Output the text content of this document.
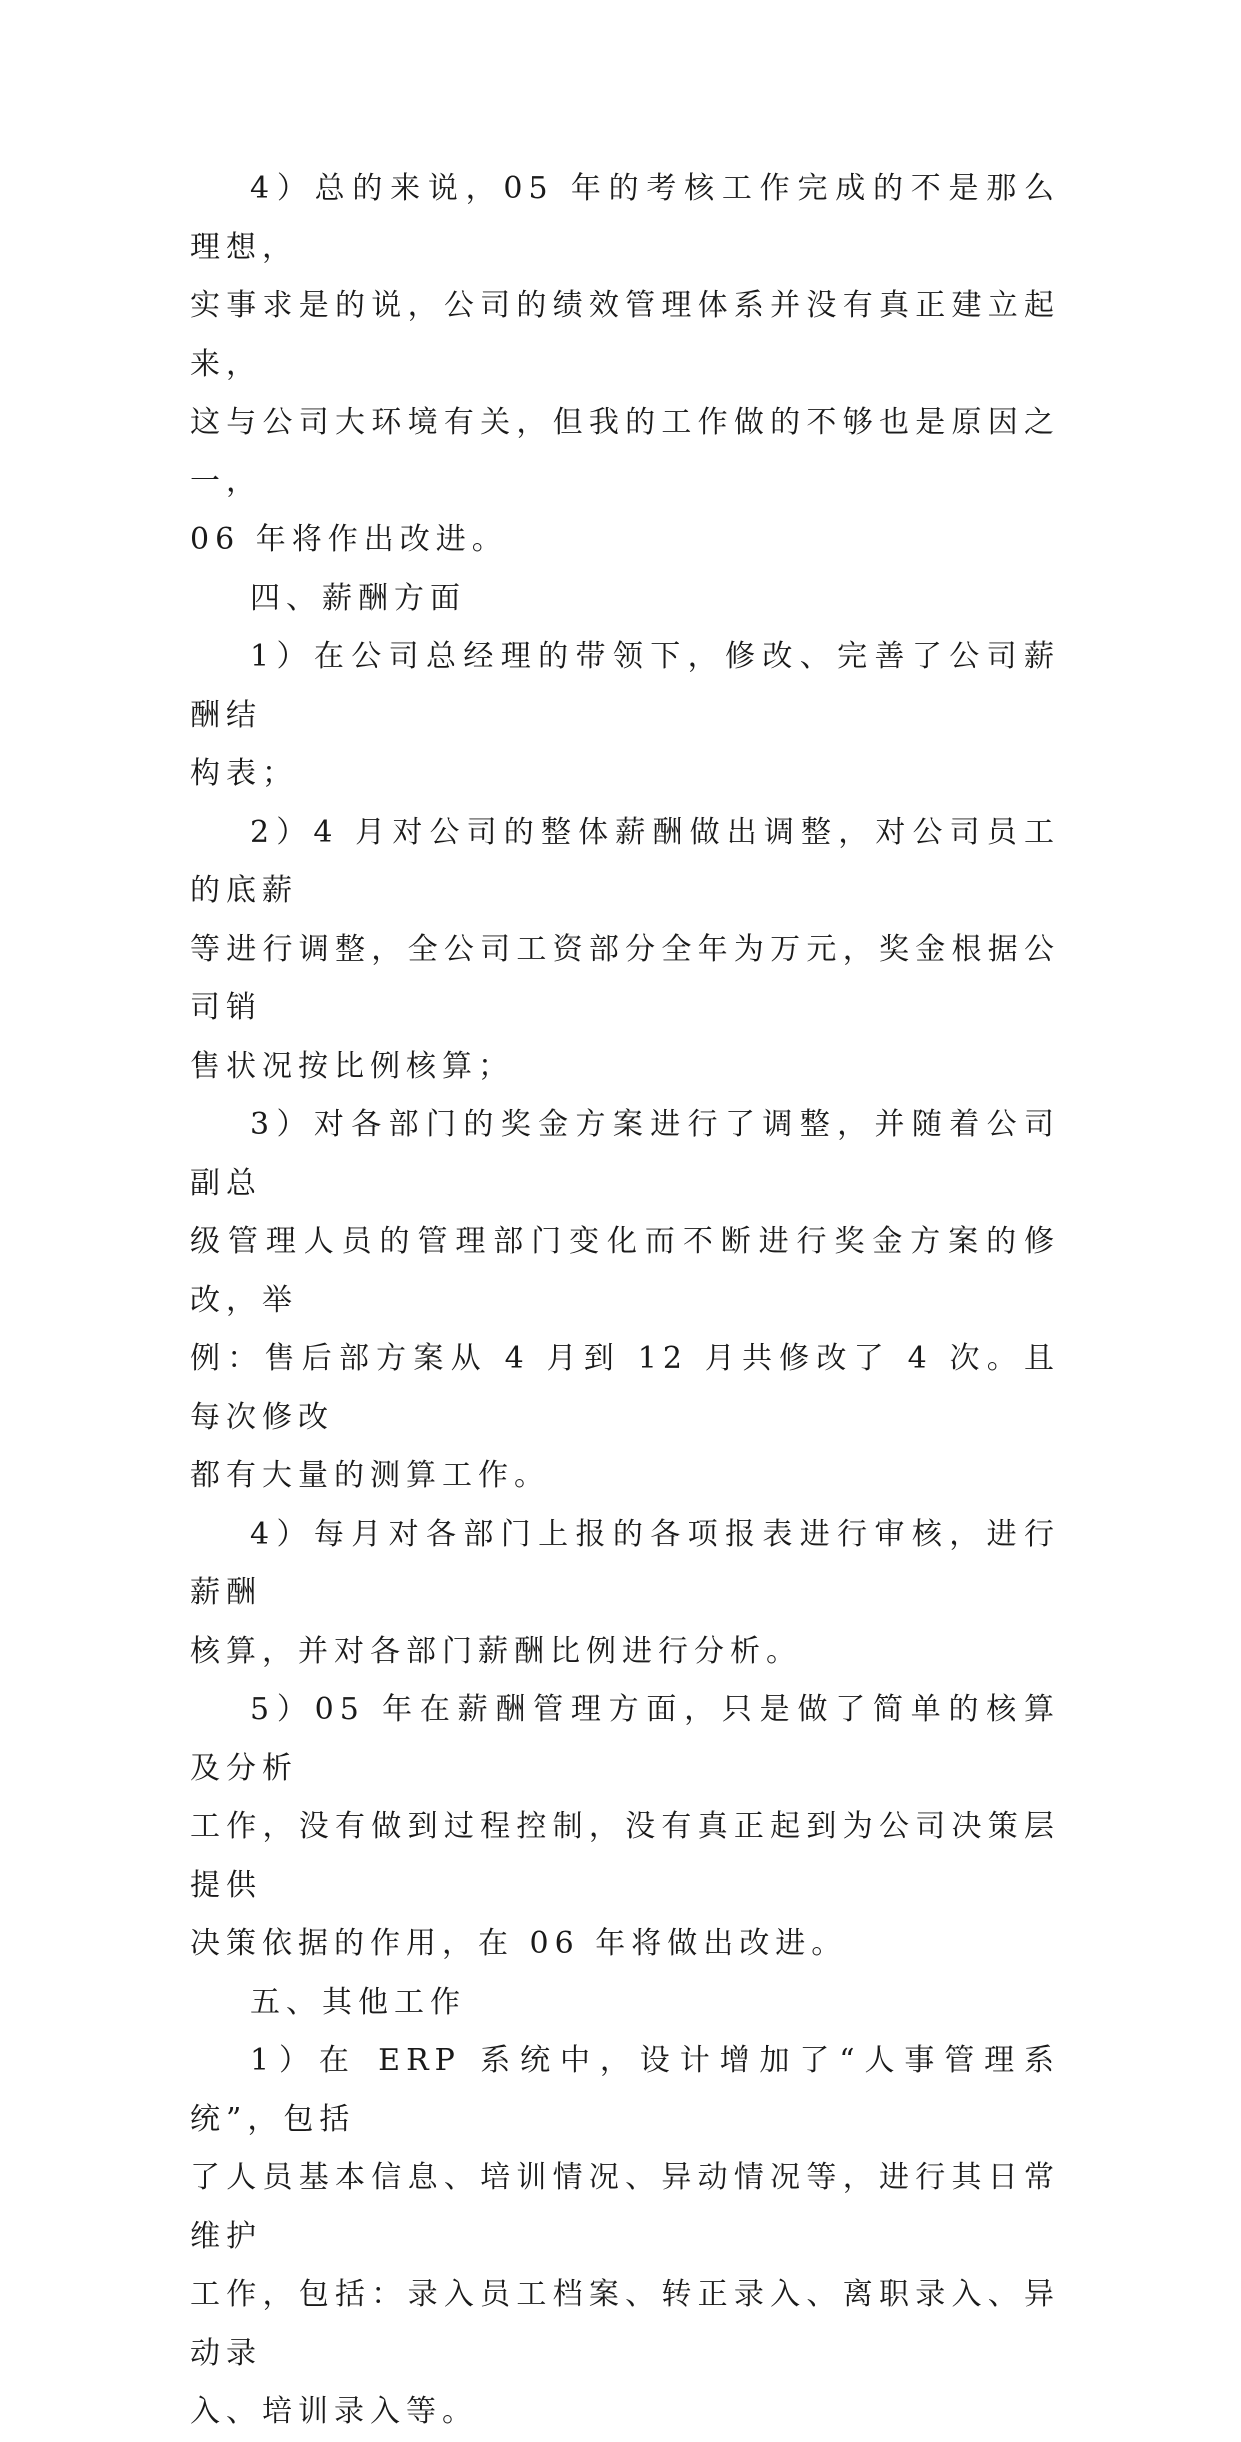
4）总的来说，05 年的考核工作完成的不是那么理想，
实事求是的说，公司的绩效管理体系并没有真正建立起来，
这与公司大环境有关，但我的工作做的不够也是原因之一，
06 年将作出改进。

四、薪酬方面

1）在公司总经理的带领下，修改、完善了公司薪酬结
构表；

2）4 月对公司的整体薪酬做出调整，对公司员工的底薪
等进行调整，全公司工资部分全年为万元，奖金根据公司销
售状况按比例核算；

3）对各部门的奖金方案进行了调整，并随着公司副总
级管理人员的管理部门变化而不断进行奖金方案的修改，举
例：售后部方案从 4 月到 12 月共修改了 4 次。且每次修改
都有大量的测算工作。

4）每月对各部门上报的各项报表进行审核，进行薪酬
核算，并对各部门薪酬比例进行分析。

5）05 年在薪酬管理方面，只是做了简单的核算及分析
工作，没有做到过程控制，没有真正起到为公司决策层提供
决策依据的作用，在 06 年将做出改进。

五、其他工作

1）在 ERP 系统中，设计增加了“人事管理系统”，包括
了人员基本信息、培训情况、异动情况等，进行其日常维护
工作，包括：录入员工档案、转正录入、离职录入、异动录
入、培训录入等。
